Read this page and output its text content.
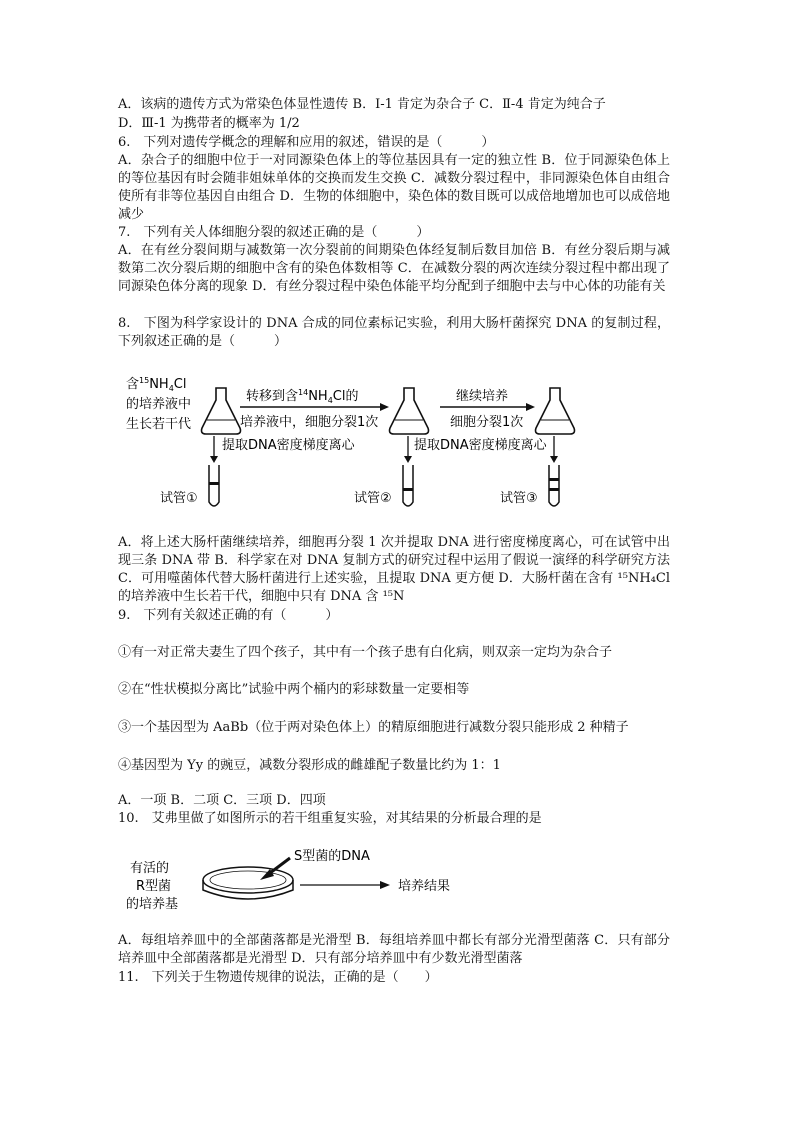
A．该病的遗传方式为常染色体显性遗传 B．Ⅰ-1 肯定为杂合子 C．Ⅱ-4 肯定为纯合子
D．Ⅲ-1 为携带者的概率为 1/2
6.　下列对遗传学概念的理解和应用的叙述，错误的是（　　　）
A．杂合子的细胞中位于一对同源染色体上的等位基因具有一定的独立性 B．位于同源染色体上的等位基因有时会随非姐妹单体的交换而发生交换 C．减数分裂过程中，非同源染色体自由组合使所有非等位基因自由组合 D．生物的体细胞中，染色体的数目既可以成倍地增加也可以成倍地减少
7.　下列有关人体细胞分裂的叙述正确的是（　　　）
A．在有丝分裂间期与减数第一次分裂前的间期染色体经复制后数目加倍 B．有丝分裂后期与减数第二次分裂后期的细胞中含有的染色体数相等 C．在减数分裂的两次连续分裂过程中都出现了同源染色体分离的现象 D．有丝分裂过程中染色体能平均分配到子细胞中去与中心体的功能有关
8.　下图为科学家设计的 DNA 合成的同位素标记实验，利用大肠杆菌探究 DNA 的复制过程，下列叙述正确的是（　　　）
含$^{15}NH_4Cl$
的培养液中
生长若干代
转移到含$^{14}NH_4Cl$的
培养液中，细胞分裂1次
继续培养
细胞分裂1次
提取DNA密度梯度离心	提取DNA密度梯度离心
试管①	试管②	试管③
A．将上述大肠杆菌继续培养，细胞再分裂 1 次并提取 DNA 进行密度梯度离心，可在试管中出现三条 DNA 带 B．科学家在对 DNA 复制方式的研究过程中运用了假说一演绎的科学研究方法 C．可用噬菌体代替大肠杆菌进行上述实验，且提取 DNA 更方便 D．大肠杆菌在含有 ¹⁵NH₄Cl 的培养液中生长若干代，细胞中只有 DNA 含 ¹⁵N
9.　下列有关叙述正确的有（　　　）
①有一对正常夫妻生了四个孩子，其中有一个孩子患有白化病，则双亲一定均为杂合子
②在“性状模拟分离比”试验中两个桶内的彩球数量一定要相等
③一个基因型为 AaBb（位于两对染色体上）的精原细胞进行减数分裂只能形成 2 种精子
④基因型为 Yy 的豌豆，减数分裂形成的雌雄配子数量比约为 1：1
A．一项 B．二项 C．三项 D．四项
10.　艾弗里做了如图所示的若干组重复实验，对其结果的分析最合理的是
有活的
R型菌
的培养基
S型菌的DNA
培养结果
A．每组培养皿中的全部菌落都是光滑型 B．每组培养皿中都长有部分光滑型菌落 C．只有部分培养皿中全部菌落都是光滑型 D．只有部分培养皿中有少数光滑型菌落
11.　下列关于生物遗传规律的说法，正确的是（　　）
